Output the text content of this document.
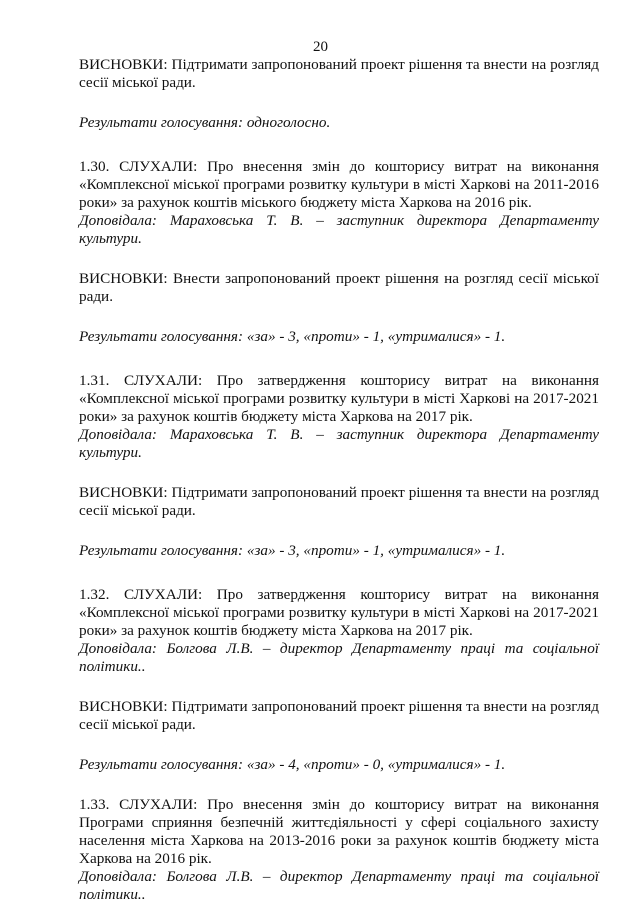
20

ВИСНОВКИ: Підтримати запропонований проект рішення та внести на розгляд сесії міської ради.

Результати голосування: одноголосно.

1.30. СЛУХАЛИ: Про внесення змін до кошторису витрат на виконання «Комплексної міської програми розвитку культури в місті Харкові на 2011-2016 роки» за рахунок коштів міського бюджету міста Харкова на 2016 рік.

Доповідала: Мараховська Т. В. – заступник директора Департаменту культури.

ВИСНОВКИ: Внести запропонований проект рішення на розгляд сесії міської ради.

Результати голосування: «за» - 3, «проти» - 1, «утрималися» - 1.

1.31. СЛУХАЛИ: Про затвердження кошторису витрат на виконання «Комплексної міської програми розвитку культури в місті Харкові на 2017-2021 роки» за рахунок коштів бюджету міста Харкова на 2017 рік.

Доповідала: Мараховська Т. В. – заступник директора Департаменту культури.

ВИСНОВКИ: Підтримати запропонований проект рішення та внести на розгляд сесії міської ради.

Результати голосування: «за» - 3, «проти» - 1, «утрималися» - 1.

1.32. СЛУХАЛИ: Про затвердження кошторису витрат на виконання «Комплексної міської програми розвитку культури в місті Харкові на 2017-2021 роки» за рахунок коштів бюджету міста Харкова на 2017 рік.

Доповідала: Болгова Л.В. – директор Департаменту праці та соціальної політики..

ВИСНОВКИ: Підтримати запропонований проект рішення та внести на розгляд сесії міської ради.

Результати голосування: «за» - 4, «проти» - 0, «утрималися» - 1.

1.33. СЛУХАЛИ: Про внесення змін до кошторису витрат на виконання Програми сприяння безпечній життєдіяльності у сфері соціального захисту населення міста Харкова на 2013-2016 роки за рахунок коштів бюджету міста Харкова на 2016 рік.

Доповідала: Болгова Л.В. – директор Департаменту праці та соціальної політики..
